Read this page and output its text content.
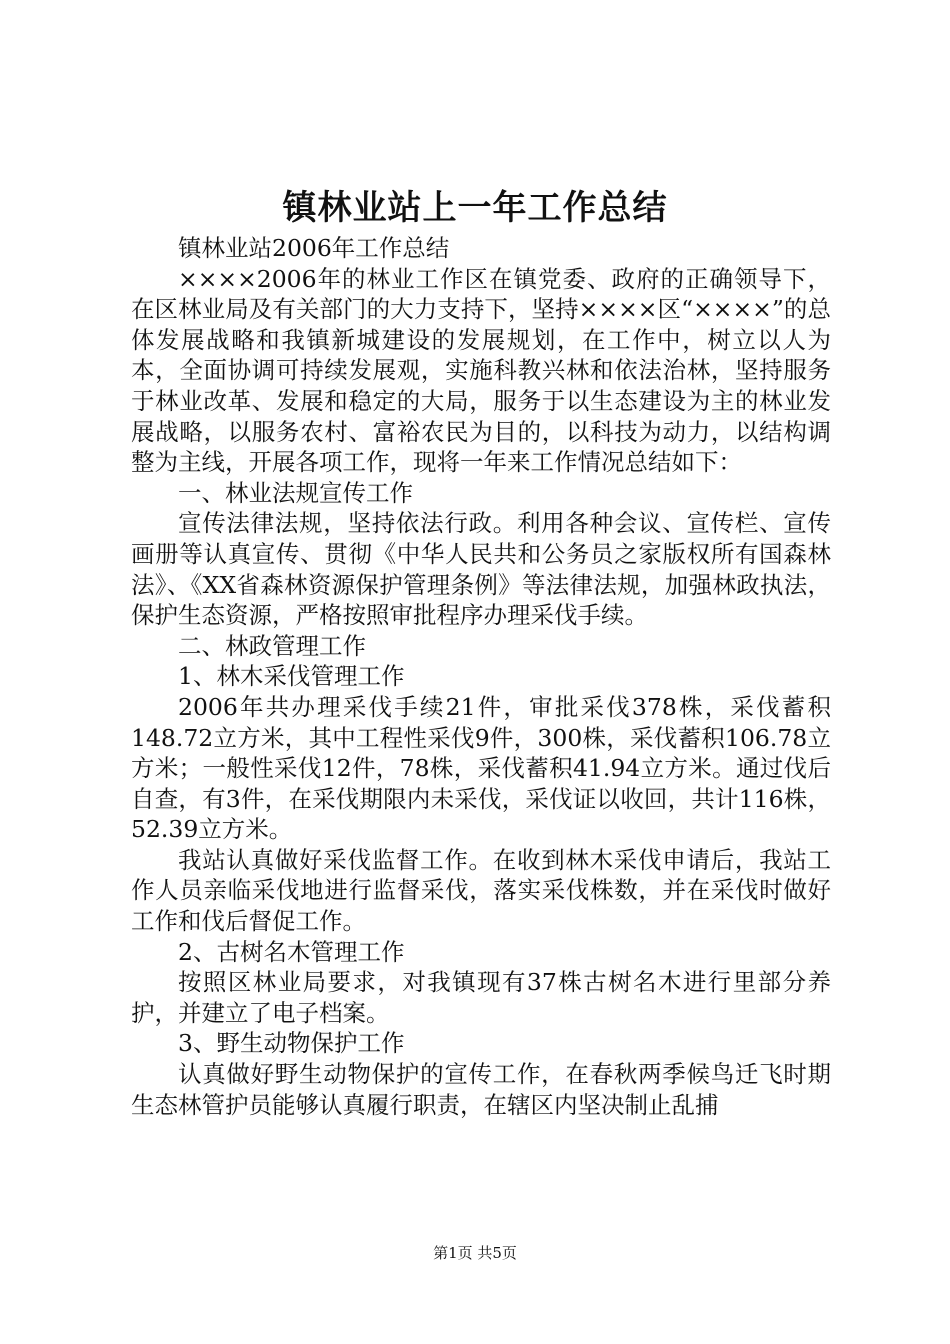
镇林业站上一年工作总结

镇林业站2006年工作总结

××××2006年的林业工作区在镇党委、政府的正确领导下，在区林业局及有关部门的大力支持下，坚持××××区“××××”的总体发展战略和我镇新城建设的发展规划，在工作中，树立以人为本，全面协调可持续发展观，实施科教兴林和依法治林，坚持服务于林业改革、发展和稳定的大局，服务于以生态建设为主的林业发展战略，以服务农村、富裕农民为目的，以科技为动力，以结构调整为主线，开展各项工作，现将一年来工作情况总结如下：

一、林业法规宣传工作

宣传法律法规，坚持依法行政。利用各种会议、宣传栏、宣传画册等认真宣传、贯彻《中华人民共和公务员之家版权所有国森林法》、《XX省森林资源保护管理条例》等法律法规，加强林政执法，保护生态资源，严格按照审批程序办理采伐手续。

二、林政管理工作

1、林木采伐管理工作

2006年共办理采伐手续21件，审批采伐378株，采伐蓄积148.72立方米，其中工程性采伐9件，300株，采伐蓄积106.78立方米；一般性采伐12件，78株，采伐蓄积41.94立方米。通过伐后自查，有3件，在采伐期限内未采伐，采伐证以收回，共计116株，52.39立方米。

我站认真做好采伐监督工作。在收到林木采伐申请后，我站工作人员亲临采伐地进行监督采伐，落实采伐株数，并在采伐时做好工作和伐后督促工作。

2、古树名木管理工作

按照区林业局要求，对我镇现有37株古树名木进行里部分养护，并建立了电子档案。

3、野生动物保护工作

认真做好野生动物保护的宣传工作，在春秋两季候鸟迁飞时期生态林管护员能够认真履行职责，在辖区内坚决制止乱捕

第1页 共5页
